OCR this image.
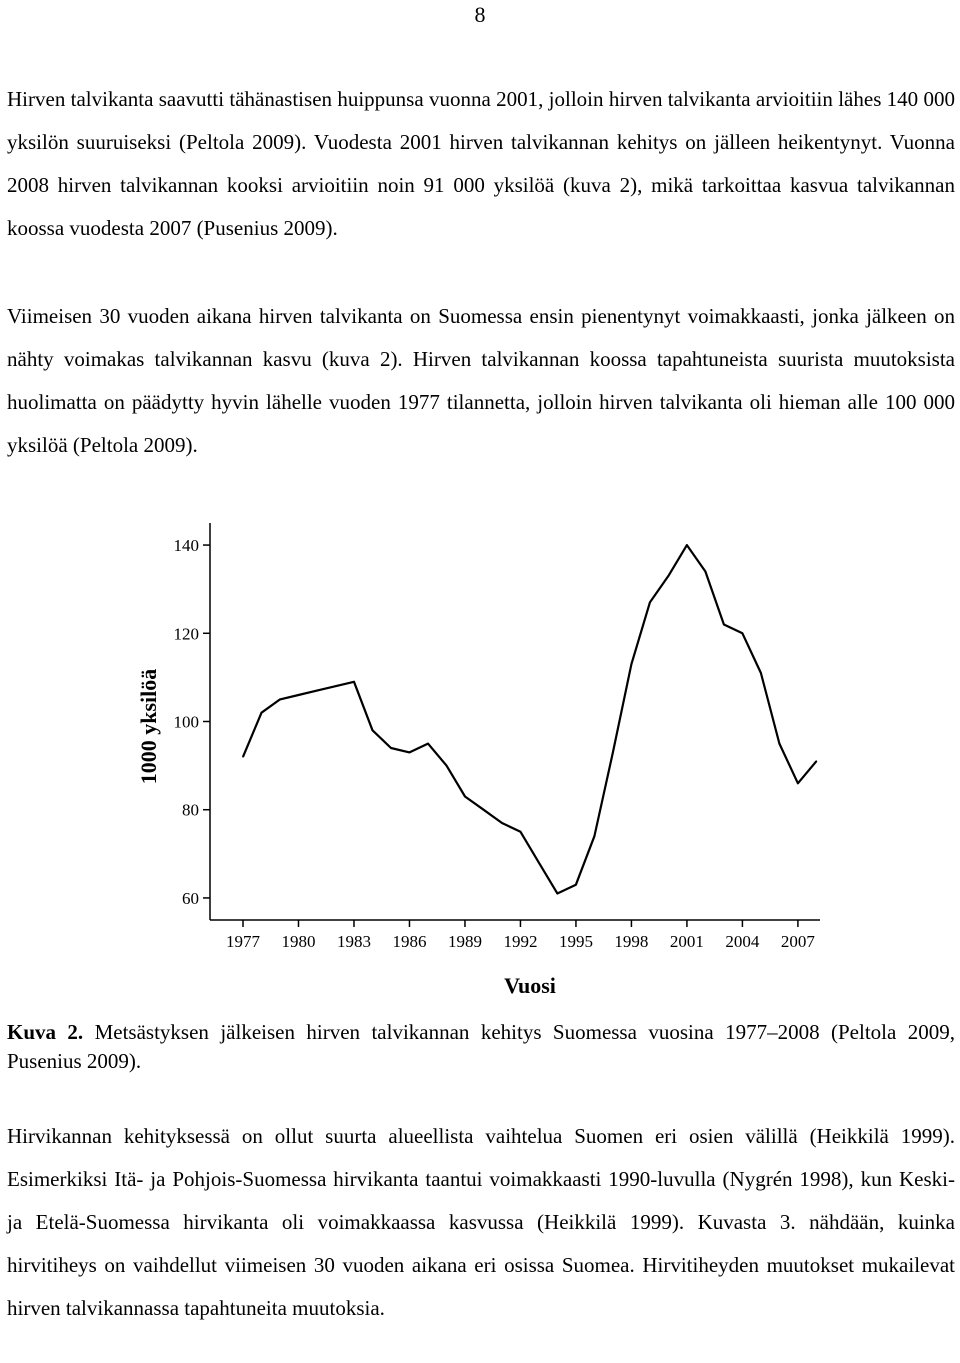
8

Hirven talvikanta saavutti tähänastisen huippunsa vuonna 2001, jolloin hirven talvikanta arvioitiin lähes 140 000 yksilön suuruiseksi (Peltola 2009). Vuodesta 2001 hirven talvikannan kehitys on jälleen heikentynyt. Vuonna 2008 hirven talvikannan kooksi arvioitiin noin 91 000 yksilöä (kuva 2), mikä tarkoittaa kasvua talvikannan koossa vuodesta 2007 (Pusenius 2009).

Viimeisen 30 vuoden aikana hirven talvikanta on Suomessa ensin pienentynyt voimakkaasti, jonka jälkeen on nähty voimakas talvikannan kasvu (kuva 2). Hirven talvikannan koossa tapahtuneista suurista muutoksista huolimatta on päädytty hyvin lähelle vuoden 1977 tilannetta, jolloin hirven talvikanta oli hieman alle 100 000 yksilöä (Peltola 2009).

60
80
100
120
140
1977 1980 1983 1986 1989 1992 1995 1998 2001 2004 2007
Vuosi
1000 yksilöä

Kuva 2. Metsästyksen jälkeisen hirven talvikannan kehitys Suomessa vuosina 1977–2008 (Peltola 2009, Pusenius 2009).

Hirvikannan kehityksessä on ollut suurta alueellista vaihtelua Suomen eri osien välillä (Heikkilä 1999). Esimerkiksi Itä- ja Pohjois-Suomessa hirvikanta taantui voimakkaasti 1990-luvulla (Nygrén 1998), kun Keski- ja Etelä-Suomessa hirvikanta oli voimakkaassa kasvussa (Heikkilä 1999). Kuvasta 3. nähdään, kuinka hirvitiheys on vaihdellut viimeisen 30 vuoden aikana eri osissa Suomea. Hirvitiheyden muutokset mukailevat hirven talvikannassa tapahtuneita muutoksia.
